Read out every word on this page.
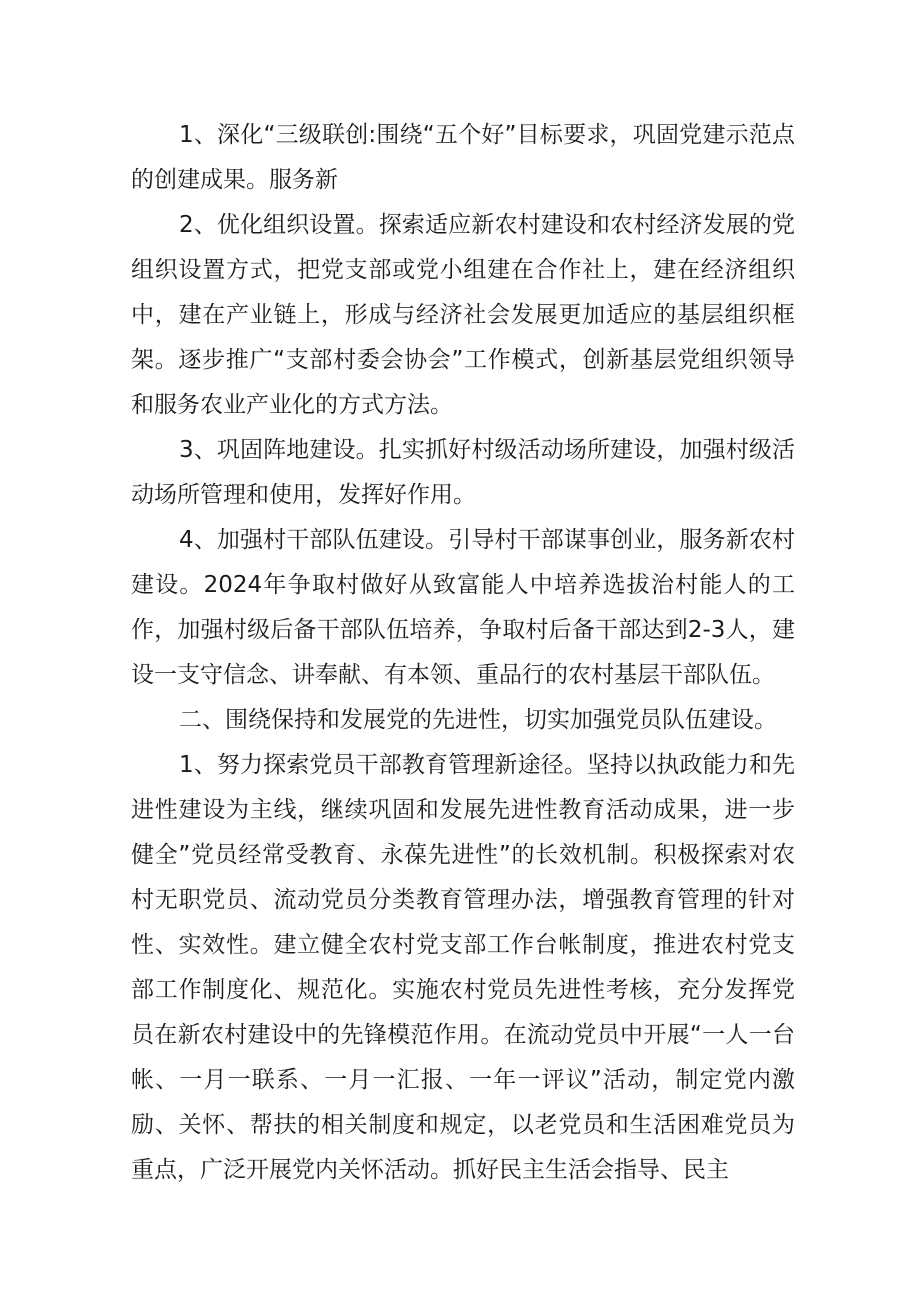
1、深化“三级联创:围绕“五个好”目标要求，巩固党建示范点的创建成果。服务新

2、优化组织设置。探索适应新农村建设和农村经济发展的党组织设置方式，把党支部或党小组建在合作社上，建在经济组织中，建在产业链上，形成与经济社会发展更加适应的基层组织框架。逐步推广“支部村委会协会”工作模式，创新基层党组织领导和服务农业产业化的方式方法。

3、巩固阵地建设。扎实抓好村级活动场所建设，加强村级活动场所管理和使用，发挥好作用。

4、加强村干部队伍建设。引导村干部谋事创业，服务新农村建设。2024年争取村做好从致富能人中培养选拔治村能人的工作，加强村级后备干部队伍培养，争取村后备干部达到2-3人，建设一支守信念、讲奉献、有本领、重品行的农村基层干部队伍。

二、围绕保持和发展党的先进性，切实加强党员队伍建设。

1、努力探索党员干部教育管理新途径。坚持以执政能力和先进性建设为主线，继续巩固和发展先进性教育活动成果，进一步健全”党员经常受教育、永葆先进性”的长效机制。积极探索对农村无职党员、流动党员分类教育管理办法，增强教育管理的针对性、实效性。建立健全农村党支部工作台帐制度，推进农村党支部工作制度化、规范化。实施农村党员先进性考核，充分发挥党员在新农村建设中的先锋模范作用。在流动党员中开展“一人一台帐、一月一联系、一月一汇报、一年一评议”活动，制定党内激励、关怀、帮扶的相关制度和规定，以老党员和生活困难党员为重点，广泛开展党内关怀活动。抓好民主生活会指导、民主
